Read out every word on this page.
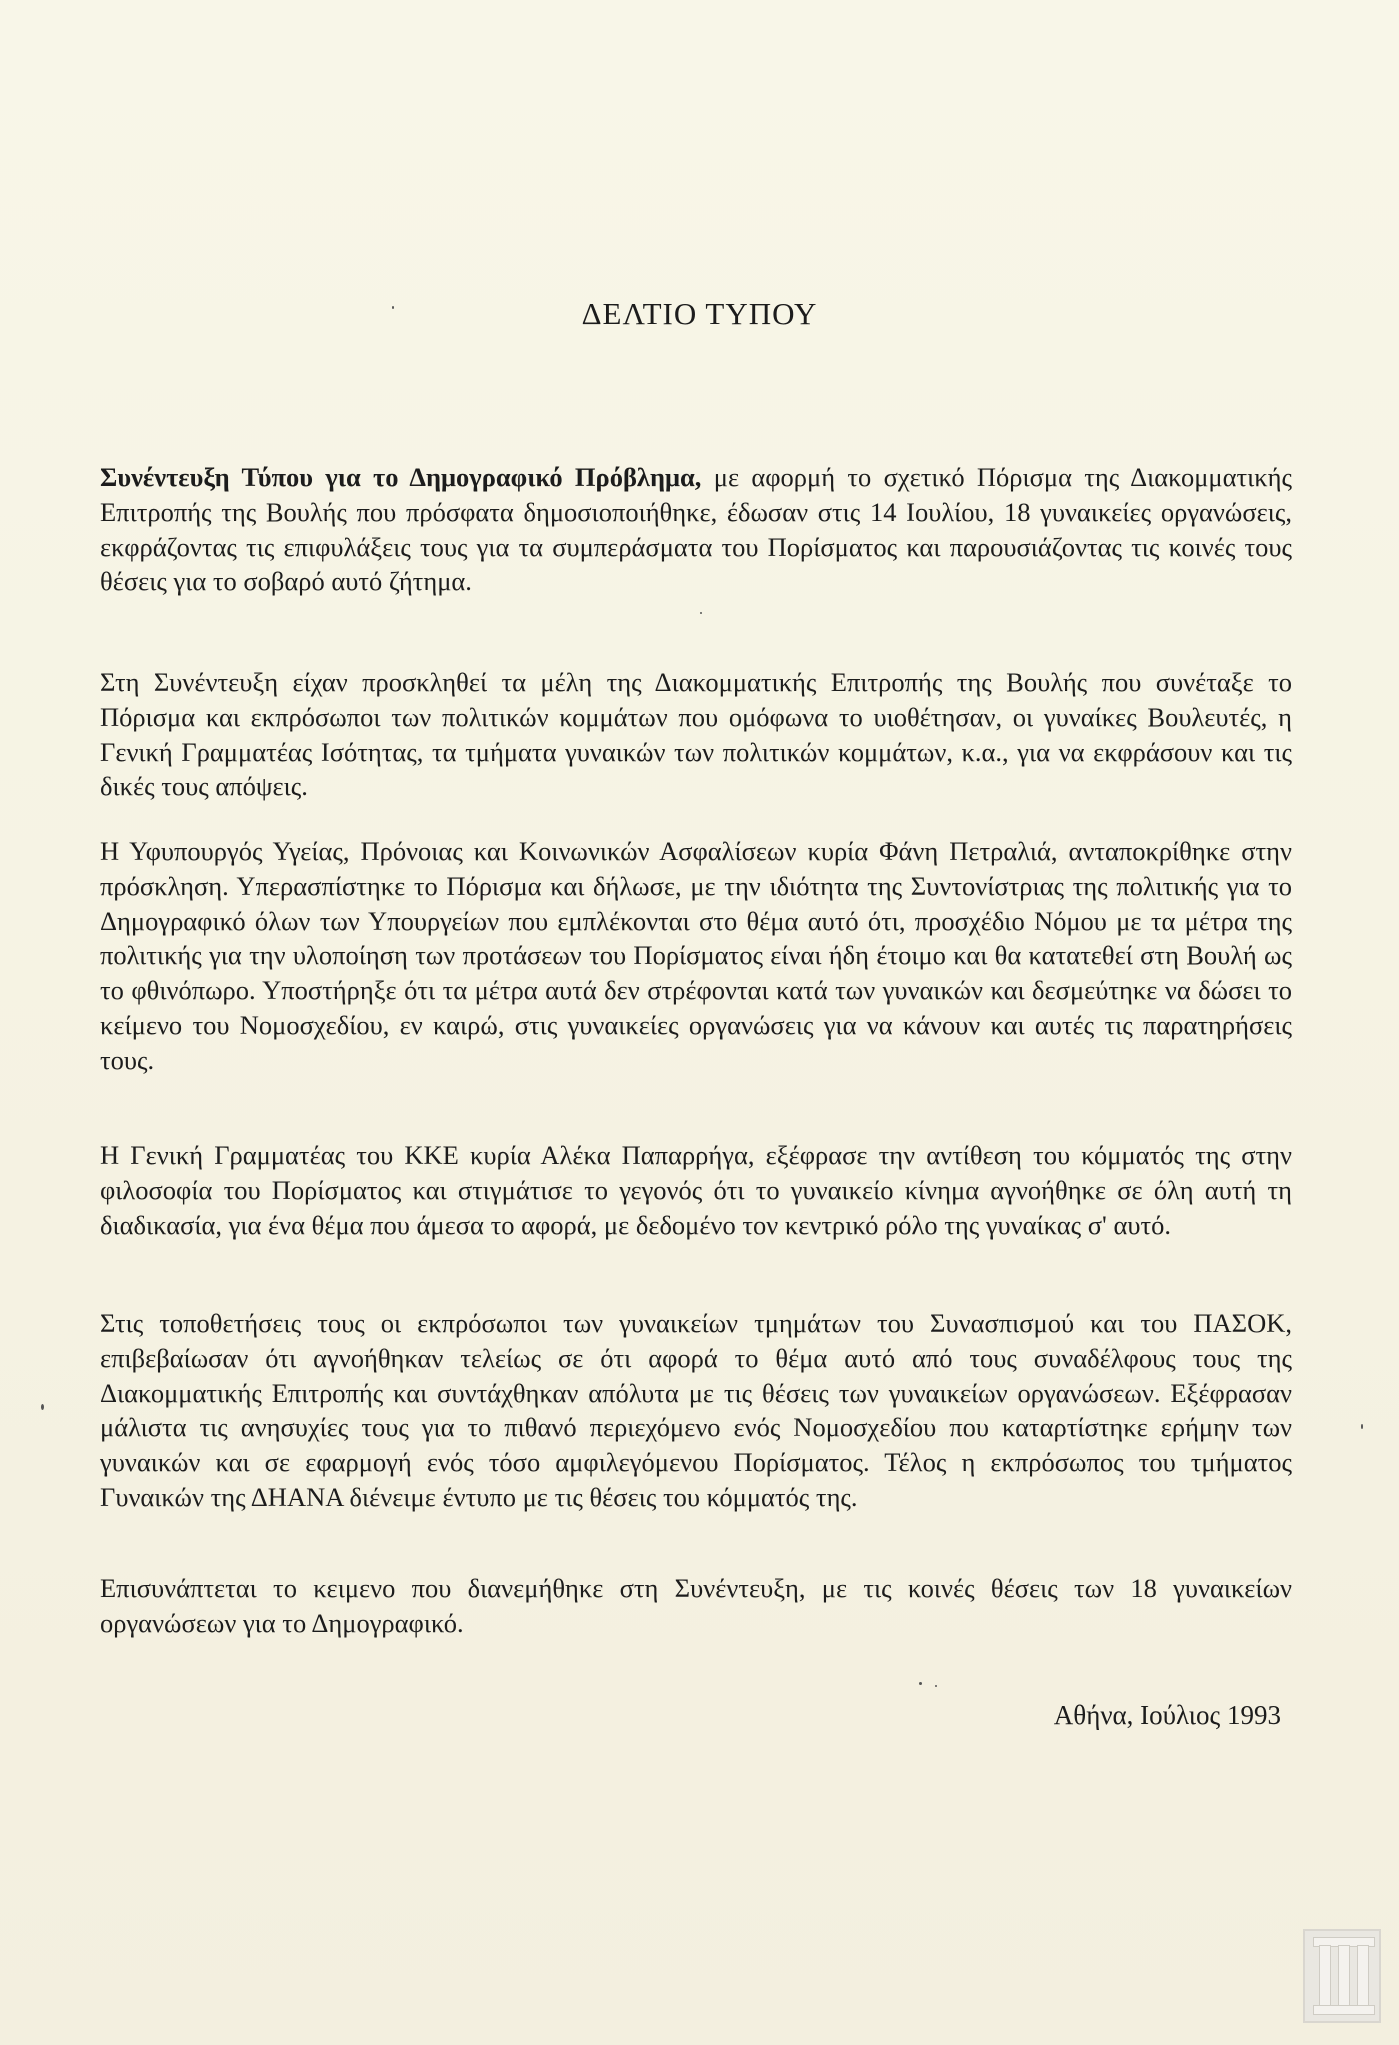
ΔΕΛΤΙΟ ΤΥΠΟΥ

Συνέντευξη Τύπου για το Δημογραφικό Πρόβλημα, με αφορμή το σχετικό Πόρισμα της Διακομματικής Επιτροπής της Βουλής που πρόσφατα δημοσιοποιήθηκε, έδωσαν στις 14 Ιουλίου, 18 γυναικείες οργανώσεις, εκφράζοντας τις επιφυλάξεις τους για τα συμπεράσματα του Πορίσματος και παρουσιάζοντας τις κοινές τους θέσεις για το σοβαρό αυτό ζήτημα.

Στη Συνέντευξη είχαν προσκληθεί τα μέλη της Διακομματικής Επιτροπής της Βουλής που συνέταξε το Πόρισμα και εκπρόσωποι των πολιτικών κομμάτων που ομόφωνα το υιοθέτησαν, οι γυναίκες Βουλευτές, η Γενική Γραμματέας Ισότητας, τα τμήματα γυναικών των πολιτικών κομμάτων, κ.α., για να εκφράσουν και τις δικές τους απόψεις.

Η Υφυπουργός Υγείας, Πρόνοιας και Κοινωνικών Ασφαλίσεων κυρία Φάνη Πετραλιά, ανταποκρίθηκε στην πρόσκληση. Υπερασπίστηκε το Πόρισμα και δήλωσε, με την ιδιότητα της Συντονίστριας της πολιτικής για το Δημογραφικό όλων των Υπουργείων που εμπλέκονται στο θέμα αυτό ότι, προσχέδιο Νόμου με τα μέτρα της πολιτικής για την υλοποίηση των προτάσεων του Πορίσματος είναι ήδη έτοιμο και θα κατατεθεί στη Βουλή ως το φθινόπωρο. Υποστήρηξε ότι τα μέτρα αυτά δεν στρέφονται κατά των γυναικών και δεσμεύτηκε να δώσει το κείμενο του Νομοσχεδίου, εν καιρώ, στις γυναικείες οργανώσεις για να κάνουν και αυτές τις παρατηρήσεις τους.

Η Γενική Γραμματέας του ΚΚΕ κυρία Αλέκα Παπαρρήγα, εξέφρασε την αντίθεση του κόμματός της στην φιλοσοφία του Πορίσματος και στιγμάτισε το γεγονός ότι το γυναικείο κίνημα αγνοήθηκε σε όλη αυτή τη διαδικασία, για ένα θέμα που άμεσα το αφορά, με δεδομένο τον κεντρικό ρόλο της γυναίκας σ' αυτό.

Στις τοποθετήσεις τους οι εκπρόσωποι των γυναικείων τμημάτων του Συνασπισμού και του ΠΑΣΟΚ, επιβεβαίωσαν ότι αγνοήθηκαν τελείως σε ότι αφορά το θέμα αυτό από τους συναδέλφους τους της Διακομματικής Επιτροπής και συντάχθηκαν απόλυτα με τις θέσεις των γυναικείων οργανώσεων. Εξέφρασαν μάλιστα τις ανησυχίες τους για το πιθανό περιεχόμενο ενός Νομοσχεδίου που καταρτίστηκε ερήμην των γυναικών και σε εφαρμογή ενός τόσο αμφιλεγόμενου Πορίσματος. Τέλος η εκπρόσωπος του τμήματος Γυναικών της ΔΗΑΝΑ διένειμε έντυπο με τις θέσεις του κόμματός της.

Επισυνάπτεται το κειμενο που διανεμήθηκε στη Συνέντευξη, με τις κοινές θέσεις των 18 γυναικείων οργανώσεων για το Δημογραφικό.

Αθήνα, Ιούλιος 1993
